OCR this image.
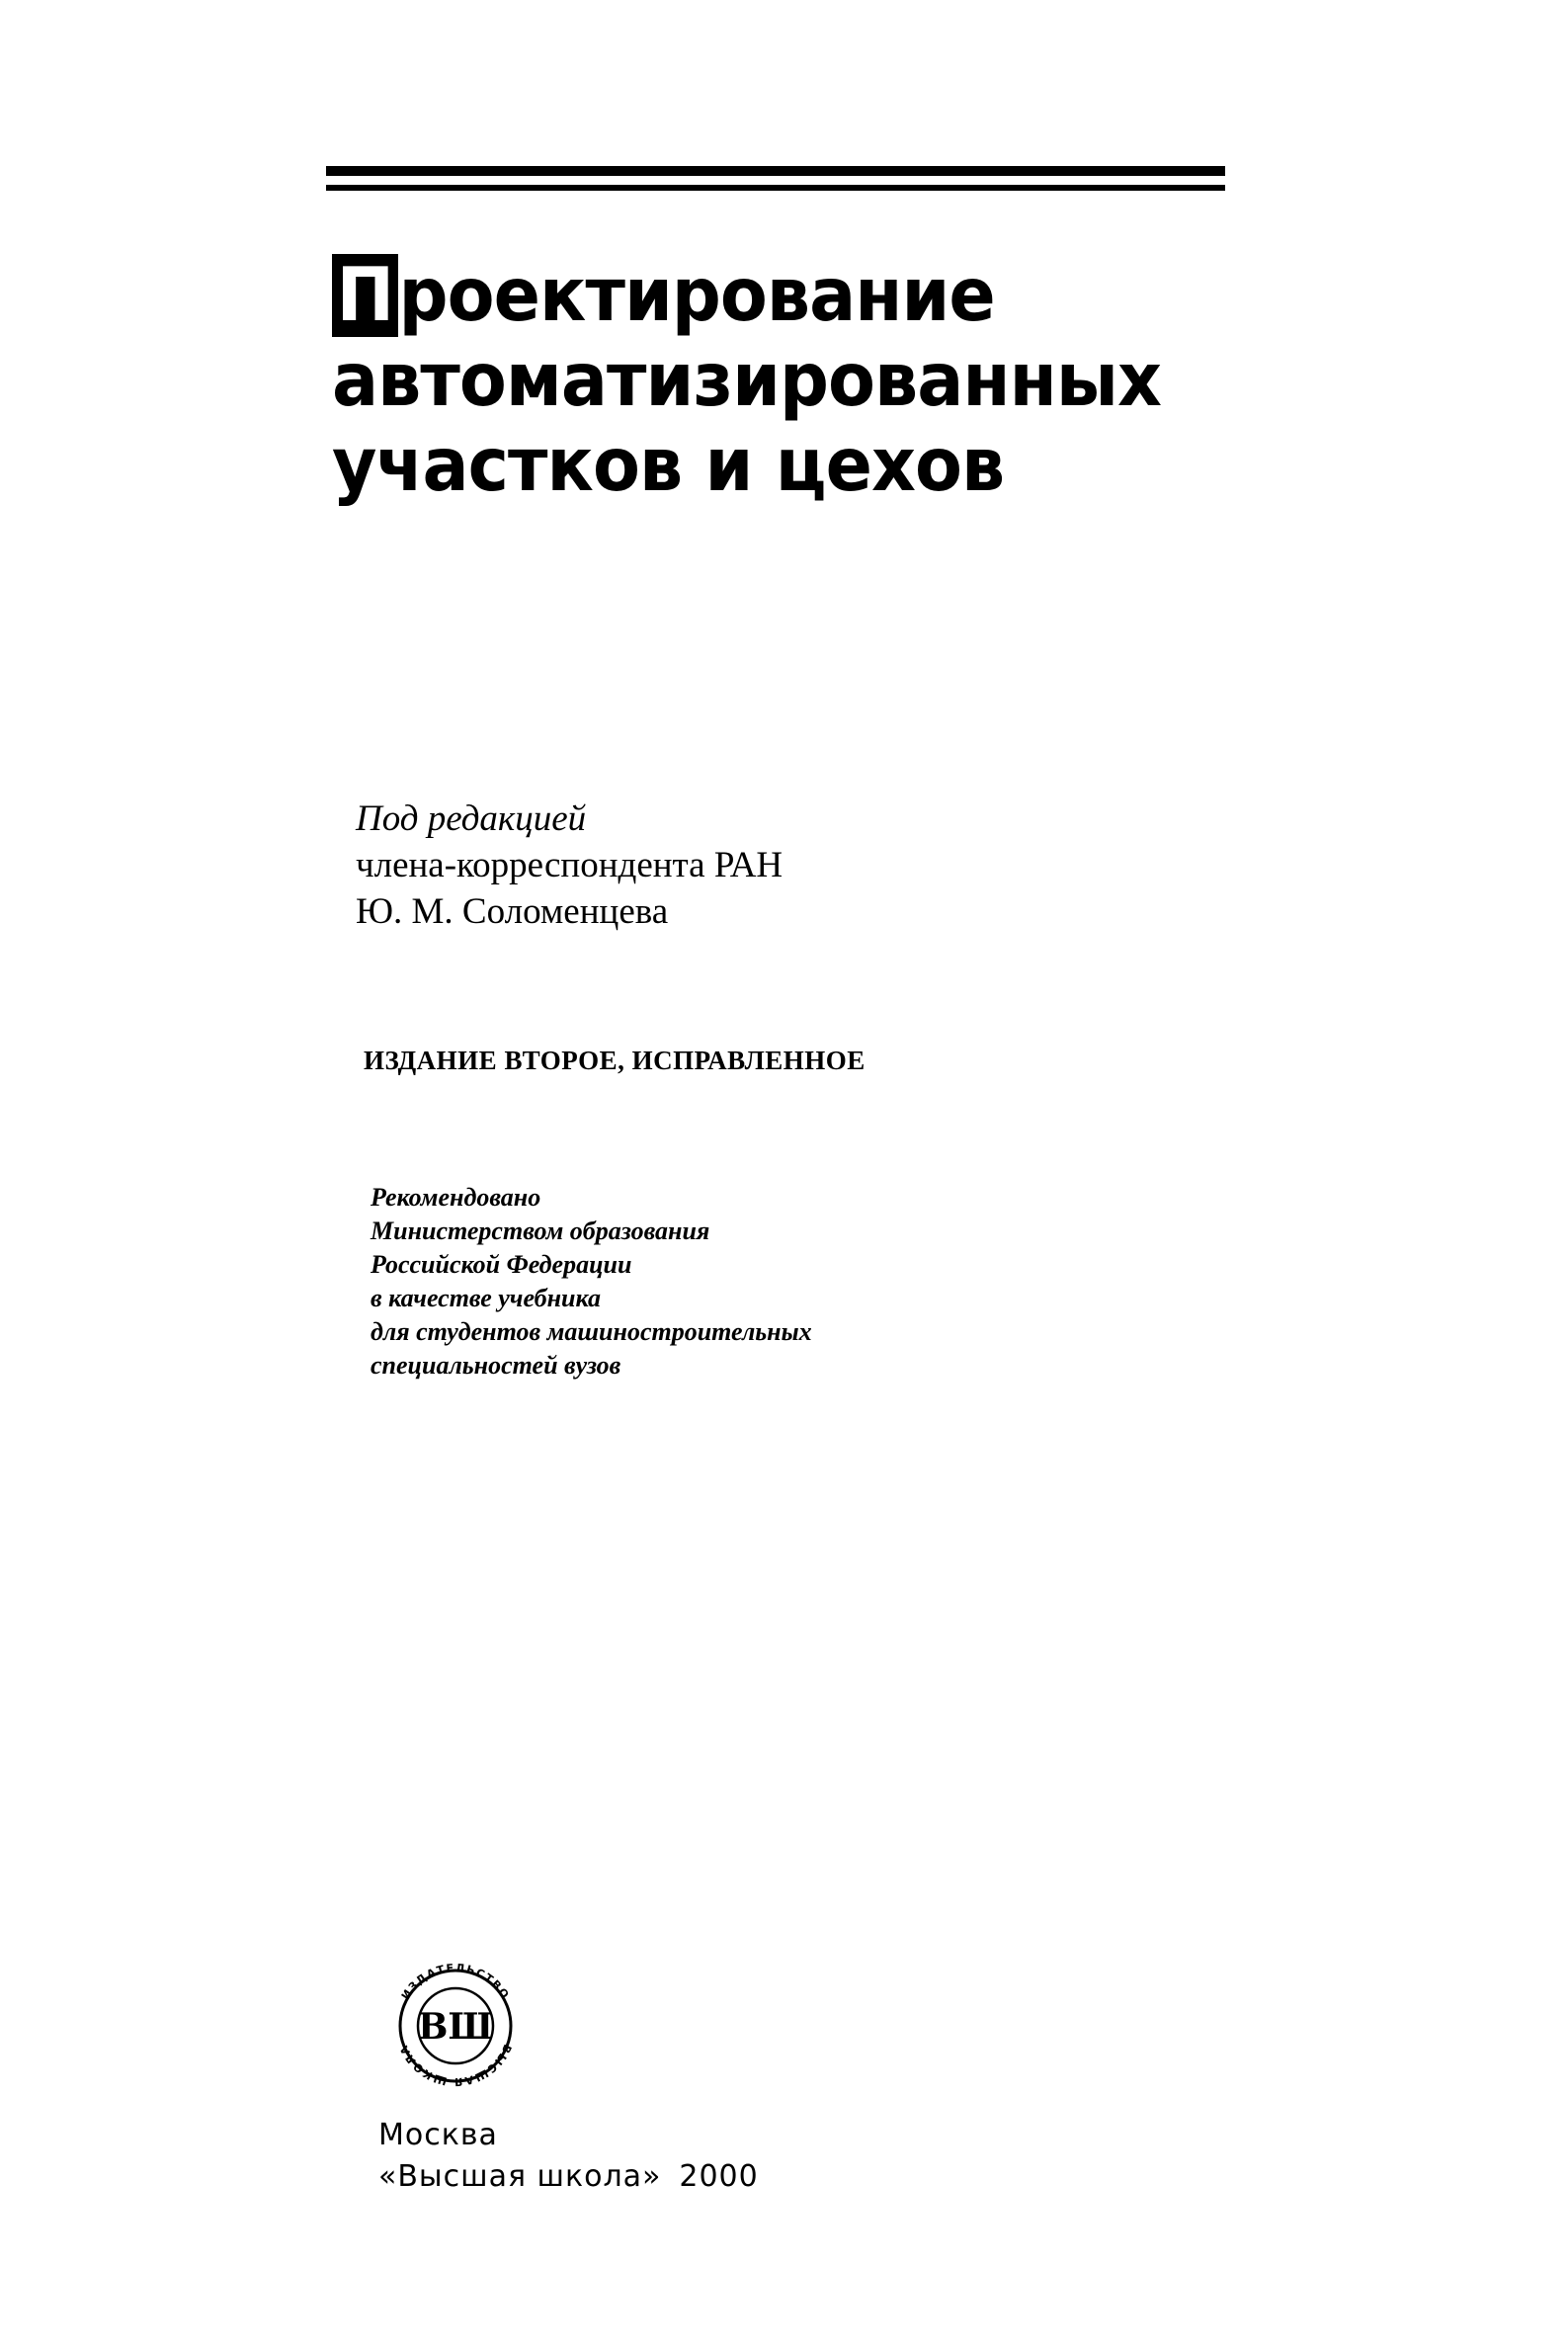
Проектирование
автоматизированных
участков и цехов
Под редакцией
члена-корреспондента РАН
Ю. М. Соломенцева
ИЗДАНИЕ ВТОРОЕ, ИСПРАВЛЕННОЕ
Рекомендовано
Министерством образования
Российской Федерации
в качестве учебника
для студентов машиностроительных
специальностей вузов
ИЗДАТЕЛЬСТВО
ВЫСШАЯ ШКОЛА
ВШ
Москва
«Высшая школа» 2000
